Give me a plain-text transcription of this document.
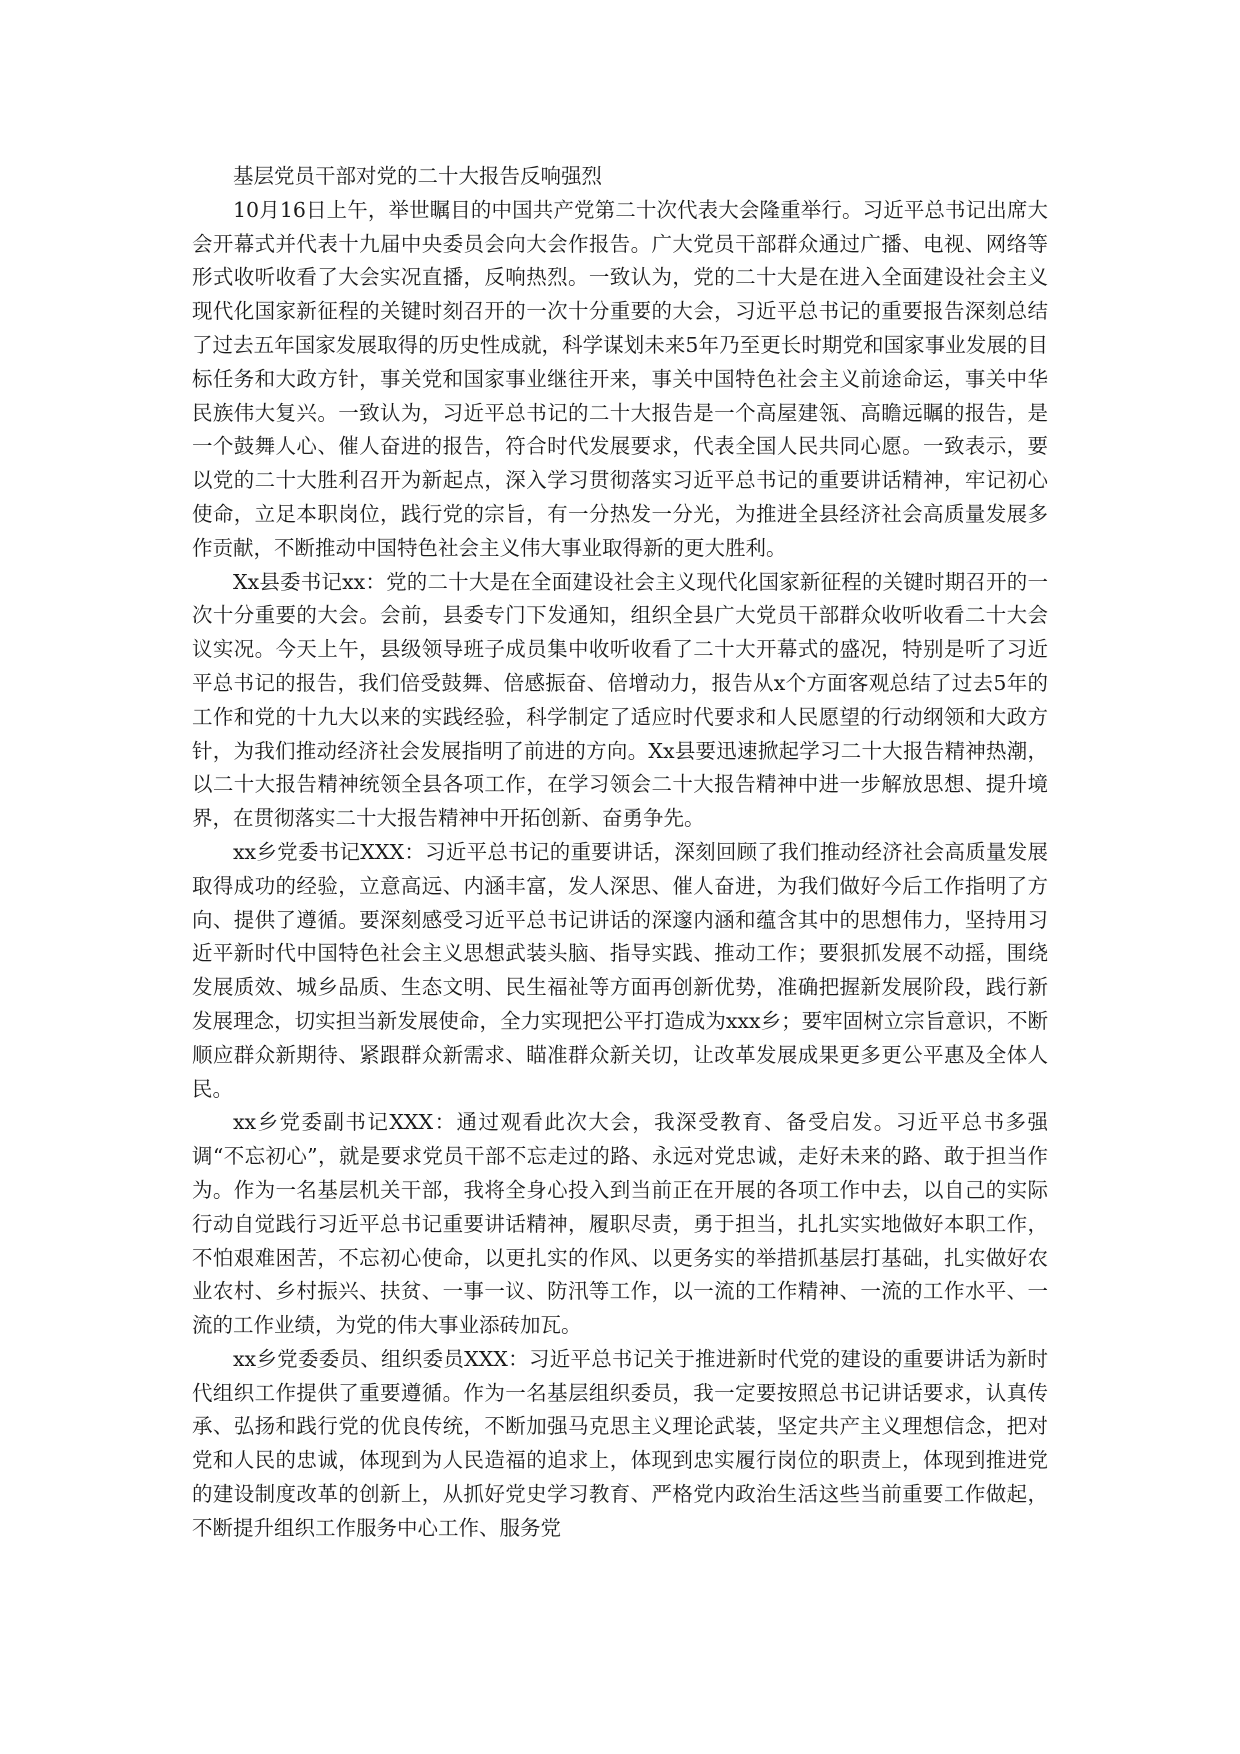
基层党员干部对党的二十大报告反响强烈

10月16日上午，举世瞩目的中国共产党第二十次代表大会隆重举行。习近平总书记出席大会开幕式并代表十九届中央委员会向大会作报告。广大党员干部群众通过广播、电视、网络等形式收听收看了大会实况直播，反响热烈。一致认为，党的二十大是在进入全面建设社会主义现代化国家新征程的关键时刻召开的一次十分重要的大会，习近平总书记的重要报告深刻总结了过去五年国家发展取得的历史性成就，科学谋划未来5年乃至更长时期党和国家事业发展的目标任务和大政方针，事关党和国家事业继往开来，事关中国特色社会主义前途命运，事关中华民族伟大复兴。一致认为，习近平总书记的二十大报告是一个高屋建瓴、高瞻远瞩的报告，是一个鼓舞人心、催人奋进的报告，符合时代发展要求，代表全国人民共同心愿。一致表示，要以党的二十大胜利召开为新起点，深入学习贯彻落实习近平总书记的重要讲话精神，牢记初心使命，立足本职岗位，践行党的宗旨，有一分热发一分光，为推进全县经济社会高质量发展多作贡献，不断推动中国特色社会主义伟大事业取得新的更大胜利。

Xx县委书记xx：党的二十大是在全面建设社会主义现代化国家新征程的关键时期召开的一次十分重要的大会。会前，县委专门下发通知，组织全县广大党员干部群众收听收看二十大会议实况。今天上午，县级领导班子成员集中收听收看了二十大开幕式的盛况，特别是听了习近平总书记的报告，我们倍受鼓舞、倍感振奋、倍增动力，报告从x个方面客观总结了过去5年的工作和党的十九大以来的实践经验，科学制定了适应时代要求和人民愿望的行动纲领和大政方针，为我们推动经济社会发展指明了前进的方向。Xx县要迅速掀起学习二十大报告精神热潮，以二十大报告精神统领全县各项工作，在学习领会二十大报告精神中进一步解放思想、提升境界，在贯彻落实二十大报告精神中开拓创新、奋勇争先。

xx乡党委书记XXX：习近平总书记的重要讲话，深刻回顾了我们推动经济社会高质量发展取得成功的经验，立意高远、内涵丰富，发人深思、催人奋进，为我们做好今后工作指明了方向、提供了遵循。要深刻感受习近平总书记讲话的深邃内涵和蕴含其中的思想伟力，坚持用习近平新时代中国特色社会主义思想武装头脑、指导实践、推动工作；要狠抓发展不动摇，围绕发展质效、城乡品质、生态文明、民生福祉等方面再创新优势，准确把握新发展阶段，践行新发展理念，切实担当新发展使命，全力实现把公平打造成为xxx乡；要牢固树立宗旨意识，不断顺应群众新期待、紧跟群众新需求、瞄准群众新关切，让改革发展成果更多更公平惠及全体人民。

xx乡党委副书记XXX：通过观看此次大会，我深受教育、备受启发。习近平总书多强调“不忘初心”，就是要求党员干部不忘走过的路、永远对党忠诚，走好未来的路、敢于担当作为。作为一名基层机关干部，我将全身心投入到当前正在开展的各项工作中去，以自己的实际行动自觉践行习近平总书记重要讲话精神，履职尽责，勇于担当，扎扎实实地做好本职工作，不怕艰难困苦，不忘初心使命，以更扎实的作风、以更务实的举措抓基层打基础，扎实做好农业农村、乡村振兴、扶贫、一事一议、防汛等工作，以一流的工作精神、一流的工作水平、一流的工作业绩，为党的伟大事业添砖加瓦。

xx乡党委委员、组织委员XXX：习近平总书记关于推进新时代党的建设的重要讲话为新时代组织工作提供了重要遵循。作为一名基层组织委员，我一定要按照总书记讲话要求，认真传承、弘扬和践行党的优良传统，不断加强马克思主义理论武装，坚定共产主义理想信念，把对党和人民的忠诚，体现到为人民造福的追求上，体现到忠实履行岗位的职责上，体现到推进党的建设制度改革的创新上，从抓好党史学习教育、严格党内政治生活这些当前重要工作做起，不断提升组织工作服务中心工作、服务党
